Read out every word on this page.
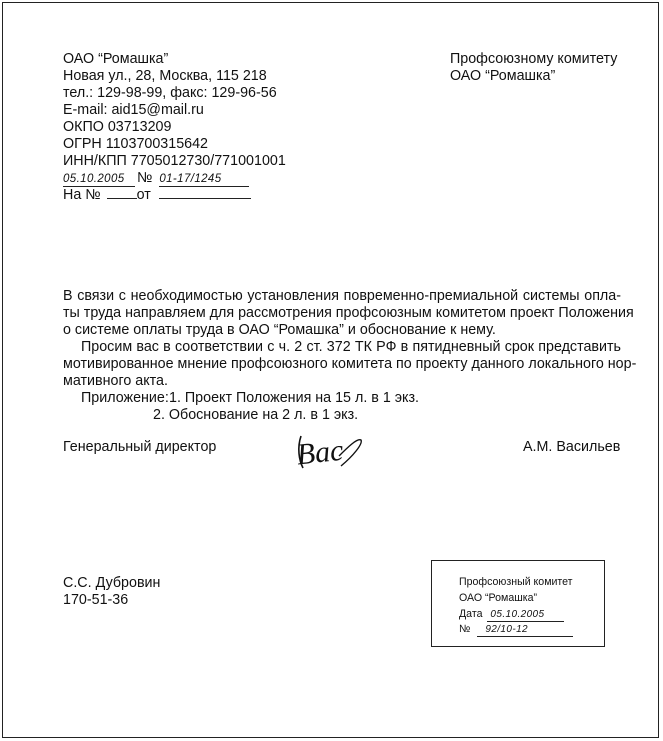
ОАО “Ромашка”
Новая ул., 28, Москва, 115 218
тел.: 129-98-99, факс: 129-96-56
E-mail: aid15@mail.ru
ОКПО 03713209
ОГРН 1103700315642
ИНН/КПП 7705012730/771001001
05.10.2005 № 01-17/1245
На №	от
Профсоюзному комитету
ОАО “Ромашка”
В связи с необходимостью установления повременно-премиальной системы опла-
ты труда направляем для рассмотрения профсоюзным комитетом проект Положения
о системе оплаты труда в ОАО “Ромашка” и обоснование к нему.
Просим вас в соответствии с ч. 2 ст. 372 ТК РФ в пятидневный срок представить
мотивированное мнение профсоюзного комитета по проекту данного локального нор-
мативного акта.
Приложение: 1. Проект Положения на 15 л. в 1 экз.
2. Обоснование на 2 л. в 1 экз.
Генеральный директор	Вас	А.М. Васильев
С.С. Дубровин
170-51-36
Профсоюзный комитет
ОАО “Ромашка”
Дата 05.10.2005
№ 92/10-12
